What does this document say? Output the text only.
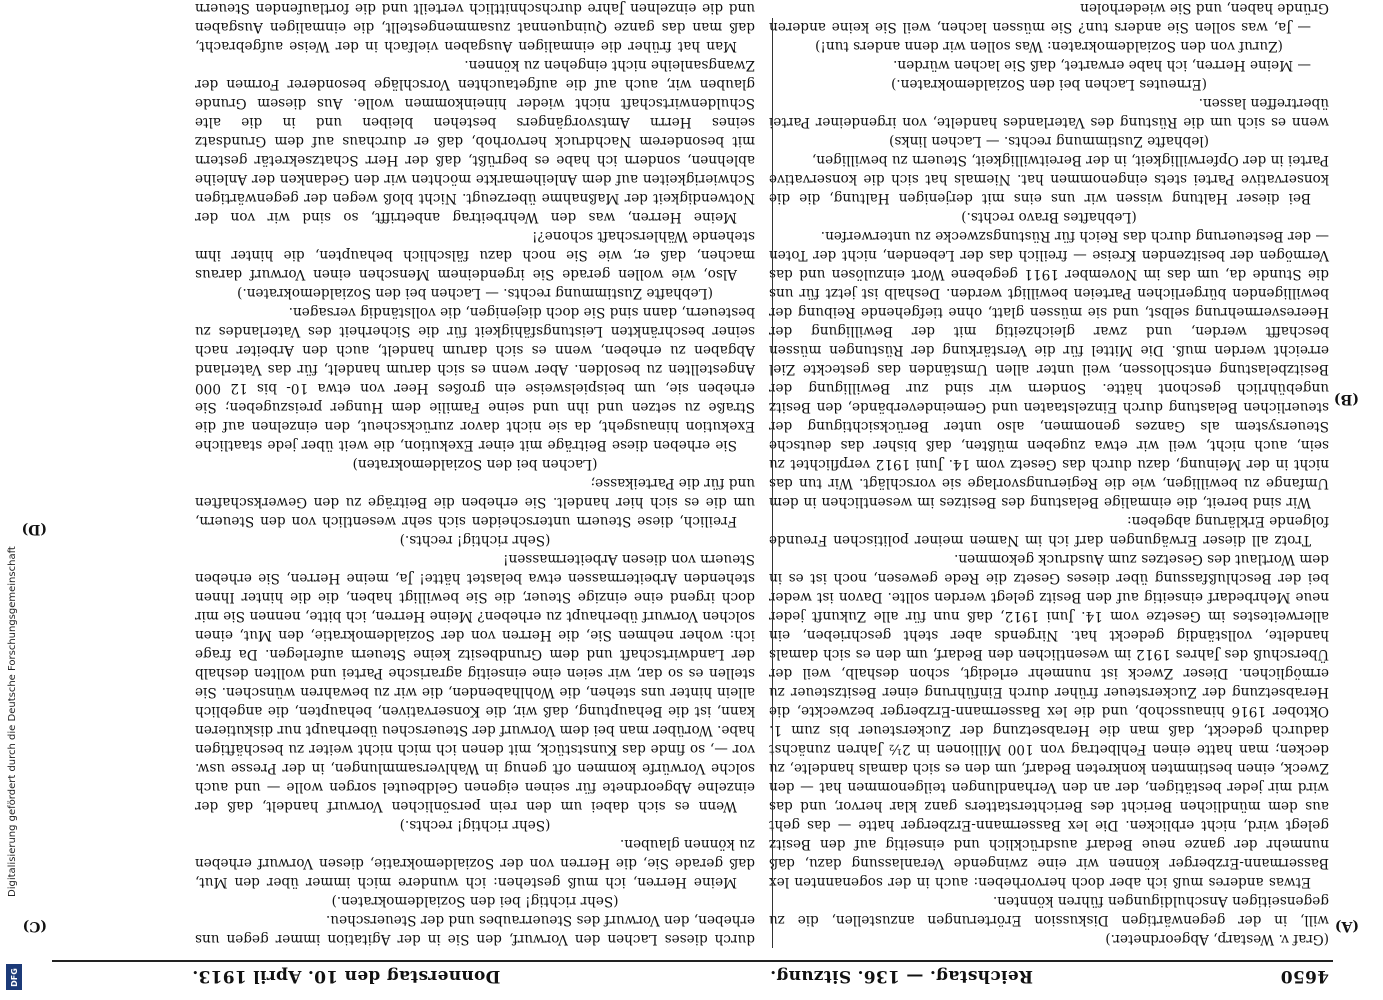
Digitalisierung gefördert durch die Deutsche Forschungsgemeinschaft
DFG	4650
Reichstag. — 136. Sitzung.
Donnerstag den 10. April 1913.
(A)
(B)
(C)
(D)

(Graf v. Westarp, Abgeordneter.)

will, in der gegenwärtigen Diskussion Erörterungen anzustellen, die zu gegenseitigen Anschuldigungen führen könnten.

Etwas anderes muß ich aber doch hervorheben: auch in der sogenannten lex Bassermann-Erzberger können wir eine zwingende Veranlassung dazu, daß nunmehr der ganze neue Bedarf ausdrücklich und einseitig auf den Besitz gelegt wird, nicht erblicken. Die lex Bassermann-Erzberger hatte — das geht aus dem mündlichen Bericht des Berichterstatters ganz klar hervor, und das wird mir jeder bestätigen, der an den Verhandlungen teilgenommen hat — den Zweck, einen bestimmten konkreten Bedarf, um den es sich damals handelte, zu decken; man hatte einen Fehlbetrag von 100 Millionen in 2½ Jahren zunächst dadurch gedeckt, daß man die Herabsetzung der Zuckersteuer bis zum 1. Oktober 1916 hinausschob, und die lex Bassermann-Erzberger bezweckte, die Herabsetzung der Zuckersteuer früher durch Einführung einer Besitzsteuer zu ermöglichen. Dieser Zweck ist nunmehr erledigt, schon deshalb, weil der Überschuß des Jahres 1912 im wesentlichen den Bedarf, um den es sich damals handelte, vollständig gedeckt hat. Nirgends aber steht geschrieben, ein allerweitestes im Gesetze vom 14. Juni 1912, daß nun für alle Zukunft jeder neue Mehrbedarf einseitig auf den Besitz gelegt werden sollte. Davon ist weder bei der Beschlußfassung über dieses Gesetz die Rede gewesen, noch ist es in dem Wortlaut des Gesetzes zum Ausdruck gekommen.

Trotz all dieser Erwägungen darf ich im Namen meiner politischen Freunde folgende Erklärung abgeben:

Wir sind bereit, die einmalige Belastung des Besitzes im wesentlichen in dem Umfange zu bewilligen, wie die Regierungsvorlage sie vorschlägt. Wir tun das nicht in der Meinung, dazu durch das Gesetz vom 14. Juni 1912 verpflichtet zu sein, auch nicht, weil wir etwa zugeben müßten, daß bisher das deutsche Steuersystem als Ganzes genommen, also unter Berücksichtigung der steuerlichen Belastung durch Einzelstaaten und Gemeindeverbände, den Besitz ungebührlich geschont hätte. Sondern wir sind zur Bewilligung der Besitzbelastung entschlossen, weil unter allen Umständen das gesteckte Ziel erreicht werden muß. Die Mittel für die Verstärkung der Rüstungen müssen beschafft werden, und zwar gleichzeitig mit der Bewilligung der Heeresvermehrung selbst, und sie müssen glatt, ohne tiefgehende Reibung der bewilligenden bürgerlichen Parteien bewilligt werden. Deshalb ist jetzt für uns die Stunde da, um das im November 1911 gegebene Wort einzulösen und das Vermögen der besitzenden Kreise — freilich das der Lebenden, nicht der Toten — der Besteuerung durch das Reich für Rüstungszwecke zu unterwerfen.

(Lebhaftes Bravo rechts.)

Bei dieser Haltung wissen wir uns eins mit derjenigen Haltung, die die konservative Partei stets eingenommen hat. Niemals hat sich die konservative Partei in der Opferwilligkeit, in der Bereitwilligkeit, Steuern zu bewilligen,

(lebhafte Zustimmung rechts. — Lachen links)

wenn es sich um die Rüstung des Vaterlandes handelte, von irgendeiner Partei übertreffen lassen.

(Erneutes Lachen bei den Sozialdemokraten.)

— Meine Herren, ich habe erwartet, daß Sie lachen würden.

(Zuruf von den Sozialdemokraten: Was sollen wir denn anders tun!)

— Ja, was sollen Sie anders tun? Sie müssen lachen, weil Sie keine anderen Gründe haben, und Sie wiederholen

durch dieses Lachen den Vorwurf, den Sie in der Agitation immer gegen uns erheben, den Vorwurf des Steuerraubes und der Steuerscheu.

(Sehr richtig! bei den Sozialdemokraten.)

Meine Herren, ich muß gestehen: ich wundere mich immer über den Mut, daß gerade Sie, die Herren von der Sozialdemokratie, diesen Vorwurf erheben zu können glauben.

(Sehr richtig! rechts.)

Wenn es sich dabei um den rein persönlichen Vorwurf handelt, daß der einzelne Abgeordnete für seinen eigenen Geldbeutel sorgen wolle — und auch solche Vorwürfe kommen oft genug in Wahlversammlungen, in der Presse usw. vor —, so finde das Kunststück, mit denen ich mich nicht weiter zu beschäftigen habe. Worüber man bei dem Vorwurf der Steuerscheu überhaupt nur diskutieren kann, ist die Behauptung, daß wir, die Konservativen, behaupten, die angeblich allein hinter uns stehen, die Wohlhabenden, die wir zu bewahren wünschen. Sie stellen es so dar, wir seien eine einseitig agrarische Partei und wollten deshalb der Landwirtschaft und dem Grundbesitz keine Steuern auferlegen. Da frage ich: woher nehmen Sie, die Herren von der Sozialdemokratie, den Mut, einen solchen Vorwurf überhaupt zu erheben? Meine Herren, ich bitte, nennen Sie mir doch irgend eine einzige Steuer, die Sie bewilligt haben, die die hinter Ihnen stehenden Arbeitermassen etwa belastet hätte! Ja, meine Herren, Sie erheben Steuern von diesen Arbeitermassen!

(Sehr richtig! rechts.)

Freilich, diese Steuern unterscheiden sich sehr wesentlich von den Steuern, um die es sich hier handelt. Sie erheben die Beiträge zu den Gewerkschaften und für die Parteikasse;

(Lachen bei den Sozialdemokraten)

Sie erheben diese Beiträge mit einer Exekution, die weit über jede staatliche Exekution hinausgeht, da sie nicht davor zurückscheut, den einzelnen auf die Straße zu setzen und ihn und seine Familie dem Hunger preiszugeben; Sie erheben sie, um beispielsweise ein großes Heer von etwa 10- bis 12 000 Angestellten zu besolden. Aber wenn es sich darum handelt, für das Vaterland Abgaben zu erheben, wenn es sich darum handelt, auch den Arbeiter nach seiner beschränkten Leistungsfähigkeit für die Sicherheit des Vaterlandes zu besteuern, dann sind Sie doch diejenigen, die vollständig versagen.

(Lebhafte Zustimmung rechts. — Lachen bei den Sozialdemokraten.)

Also, wie wollen gerade Sie irgendeinem Menschen einen Vorwurf daraus machen, daß er, wie Sie noch dazu fälschlich behaupten, die hinter ihm stehende Wählerschaft schone?!

Meine Herren, was den Wehrbeitrag anbetrifft, so sind wir von der Notwendigkeit der Maßnahme überzeugt. Nicht bloß wegen der gegenwärtigen Schwierigkeiten auf dem Anleihemarkte möchten wir den Gedanken der Anleihe ablehnen, sondern ich habe es begrüßt, daß der Herr Schatzsekretär gestern mit besonderem Nachdruck hervorhob, daß er durchaus auf dem Grundsatz seines Herrn Amtsvorgängers bestehen bleiben und in die alte Schuldenwirtschaft nicht wieder hineinkommen wolle. Aus diesem Grunde glauben wir, auch auf die aufgetauchten Vorschläge besonderer Formen der Zwangsanleihe nicht eingehen zu können.

Man hat früher die einmaligen Ausgaben vielfach in der Weise aufgebracht, daß man das ganze Quinquennat zusammengestellt, die einmaligen Ausgaben und die einzelnen Jahre durchschnittlich verteilt und die fortlaufenden Steuern
